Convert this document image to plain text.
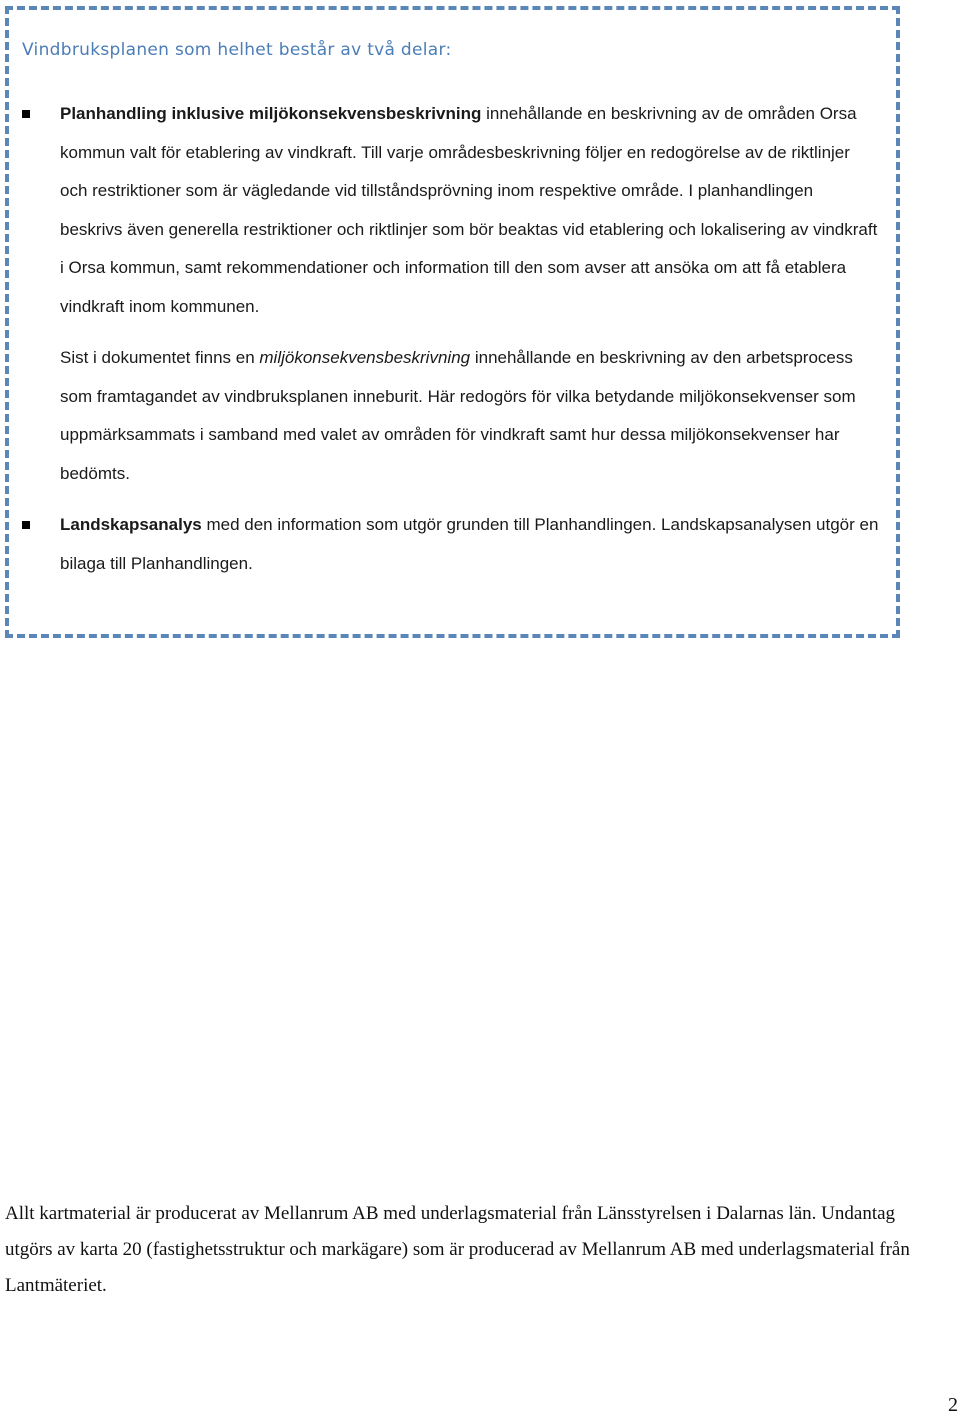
Vindbruksplanen som helhet består av två delar:

Planhandling inklusive miljökonsekvensbeskrivning innehållande en beskrivning av de områden Orsa kommun valt för etablering av vindkraft. Till varje områdesbeskrivning följer en redogörelse av de riktlinjer och restriktioner som är vägledande vid tillståndsprövning inom respektive område. I planhandlingen beskrivs även generella restriktioner och riktlinjer som bör beaktas vid etablering och lokalisering av vindkraft i Orsa kommun, samt rekommendationer och information till den som avser att ansöka om att få etablera vindkraft inom kommunen.

Sist i dokumentet finns en miljökonsekvensbeskrivning innehållande en beskrivning av den arbetsprocess som framtagandet av vindbruksplanen inneburit. Här redogörs för vilka betydande miljökonsekvenser som uppmärksammats i samband med valet av områden för vindkraft samt hur dessa miljökonsekvenser har bedömts.

Landskapsanalys med den information som utgör grunden till Planhandlingen. Landskapsanalysen utgör en bilaga till Planhandlingen.

Allt kartmaterial är producerat av Mellanrum AB med underlagsmaterial från Länsstyrelsen i Dalarnas län. Undantag utgörs av karta 20 (fastighetsstruktur och markägare) som är producerad av Mellanrum AB med underlagsmaterial från Lantmäteriet.

2
